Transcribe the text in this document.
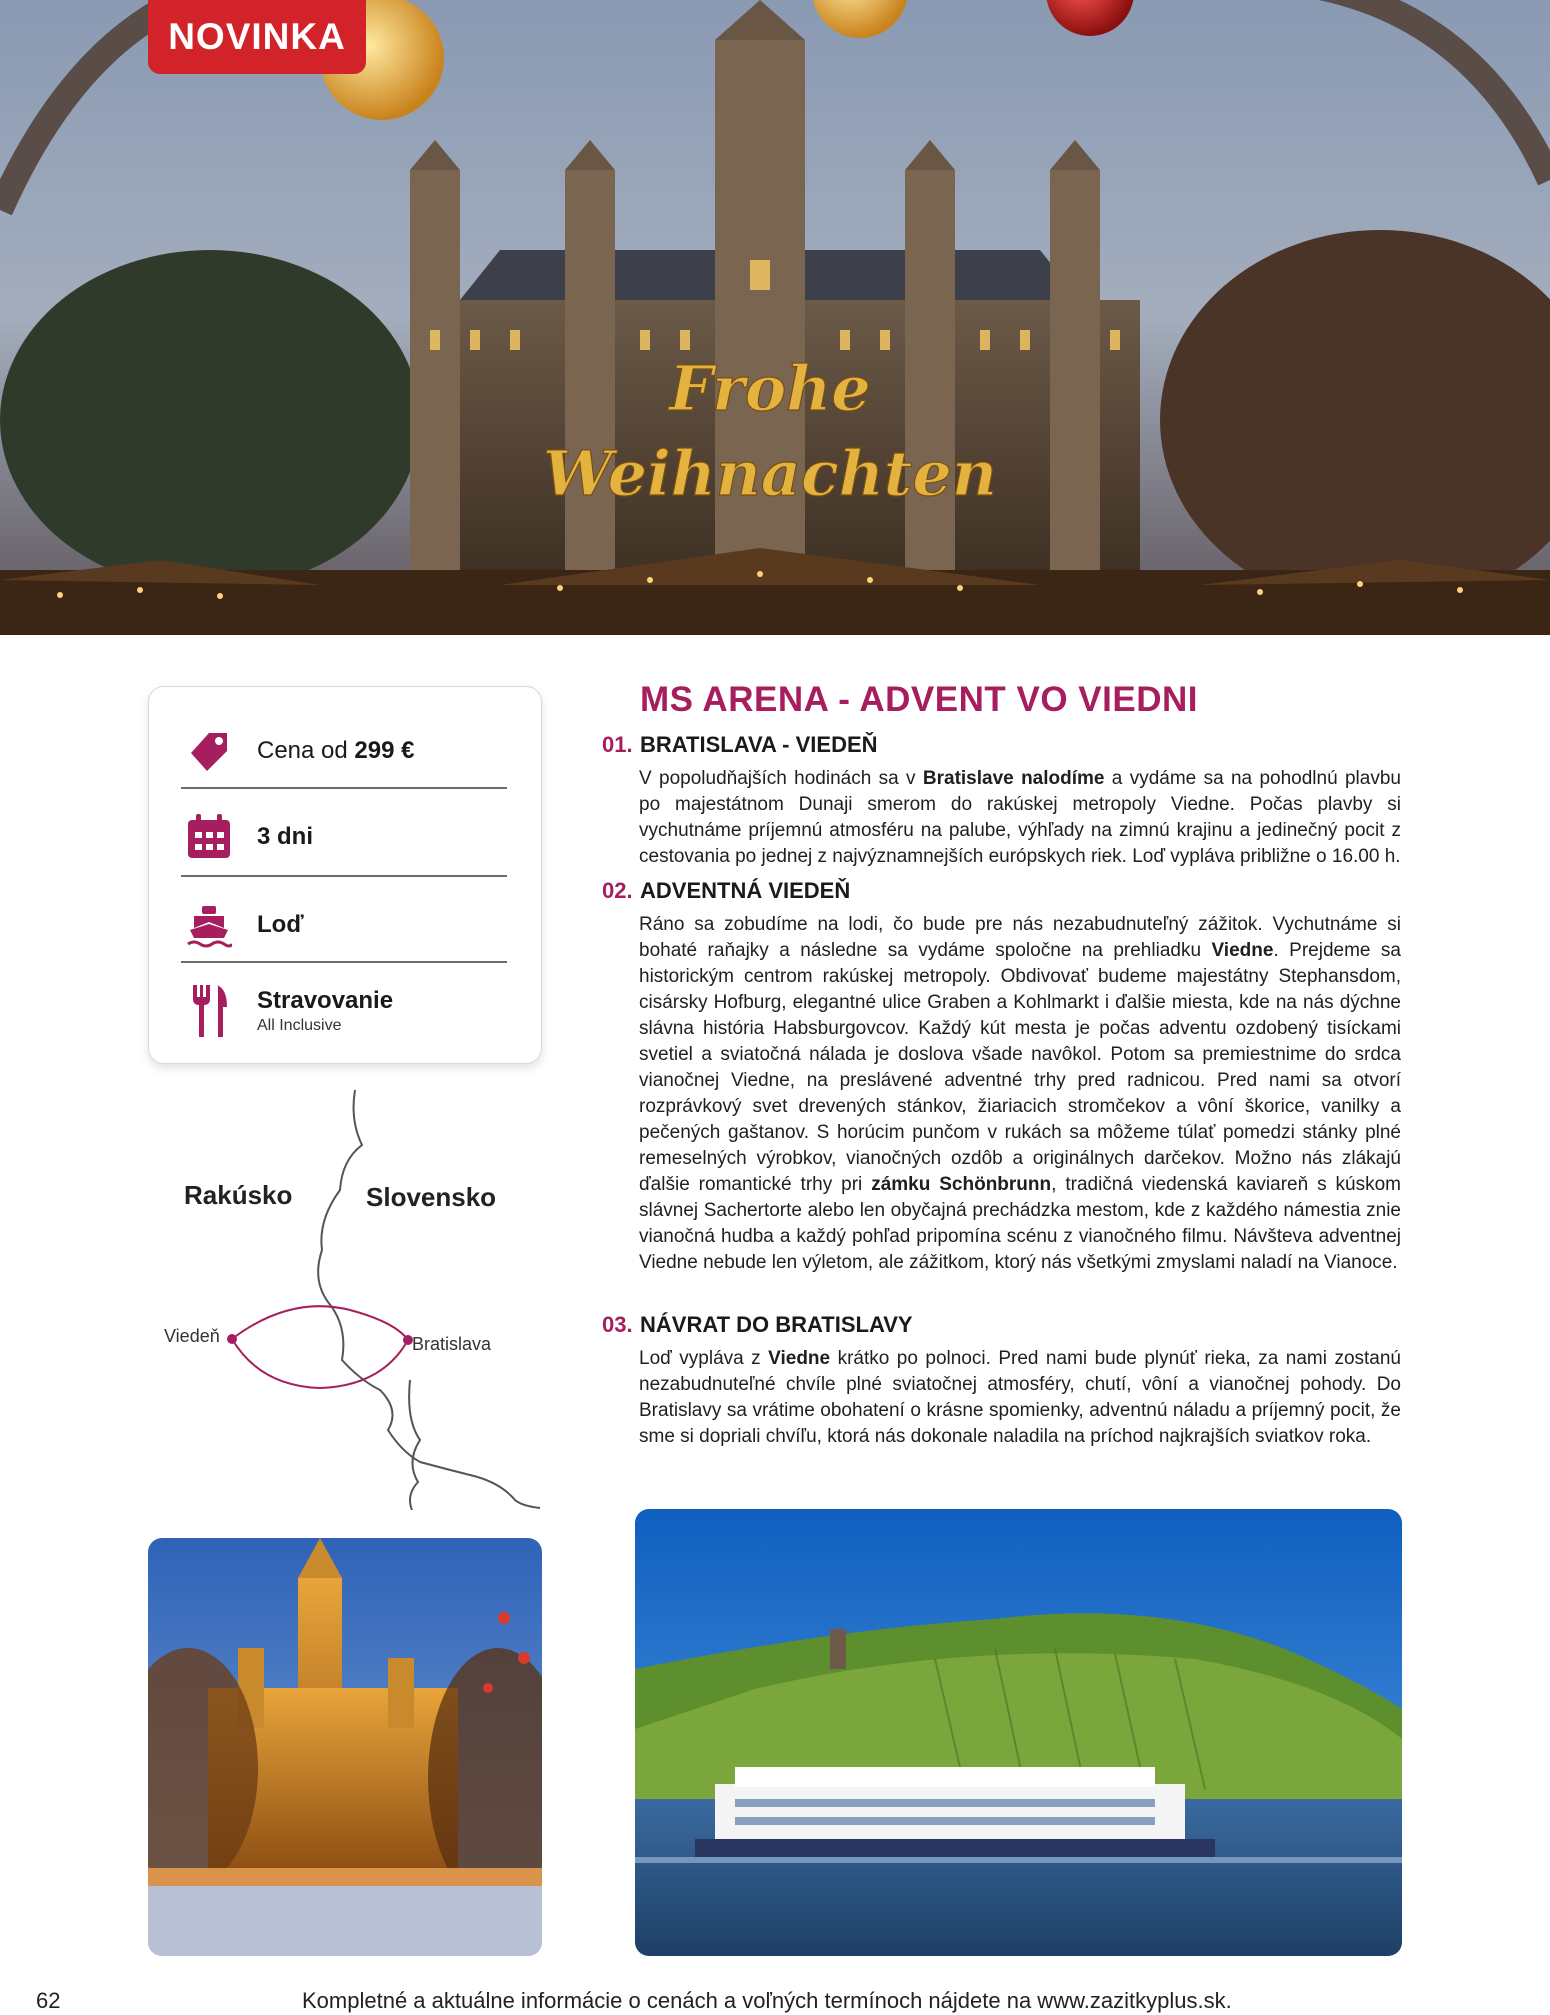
Frohe
Weihnachten
NOVINKA
Cena od 299 €
3 dni
Loď
Stravovanie
All Inclusive
Rakúsko	Slovensko
Viedeň	Bratislava
MS ARENA - ADVENT VO VIEDNI
01. BRATISLAVA - VIEDEŇ
V popoludňajších hodinách sa v Bratislave nalodíme a vydáme sa na pohodlnú plavbu po majestátnom Dunaji smerom do rakúskej metropoly Viedne. Počas plavby si vychutnáme príjemnú atmosféru na palube, výhľady na zimnú krajinu a jedinečný pocit z cestovania po jednej z najvýznamnejších európskych riek. Loď vypláva približne o 16.00 h.
02. ADVENTNÁ VIEDEŇ
Ráno sa zobudíme na lodi, čo bude pre nás nezabudnuteľný zážitok. Vychutnáme si bohaté raňajky a následne sa vydáme spoločne na prehliadku Viedne. Prejdeme sa historickým centrom rakúskej metropoly. Obdivovať budeme majestátny Stephansdom, cisársky Hofburg, elegantné ulice Graben a Kohlmarkt i ďalšie miesta, kde na nás dýchne slávna história Habsburgovcov. Každý kút mesta je počas adventu ozdobený tisíckami svetiel a sviatočná nálada je doslova všade navôkol. Potom sa premiestnime do srdca vianočnej Viedne, na preslávené adventné trhy pred radnicou. Pred nami sa otvorí rozprávkový svet drevených stánkov, žiariacich stromčekov a vôní škorice, vanilky a pečených gaštanov. S horúcim punčom v rukách sa môžeme túlať pomedzi stánky plné remeselných výrobkov, vianočných ozdôb a originálnych darčekov. Možno nás zlákajú ďalšie romantické trhy pri zámku Schönbrunn, tradičná viedenská kaviareň s kúskom slávnej Sachertorte alebo len obyčajná prechádzka mestom, kde z každého námestia znie vianočná hudba a každý pohľad pripomína scénu z vianočného filmu. Návšteva adventnej Viedne nebude len výletom, ale zážitkom, ktorý nás všetkými zmyslami naladí na Vianoce.
03. NÁVRAT DO BRATISLAVY
Loď vypláva z Viedne krátko po polnoci. Pred nami bude plynúť rieka, za nami zostanú nezabudnuteľné chvíle plné sviatočnej atmosféry, chutí, vôní a vianočnej pohody. Do Bratislavy sa vrátime obohatení o krásne spomienky, adventnú náladu a príjemný pocit, že sme si dopriali chvíľu, ktorá nás dokonale naladila na príchod najkrajších sviatkov roka.
62	Kompletné a aktuálne informácie o cenách a voľných termínoch nájdete na www.zazitkyplus.sk.
